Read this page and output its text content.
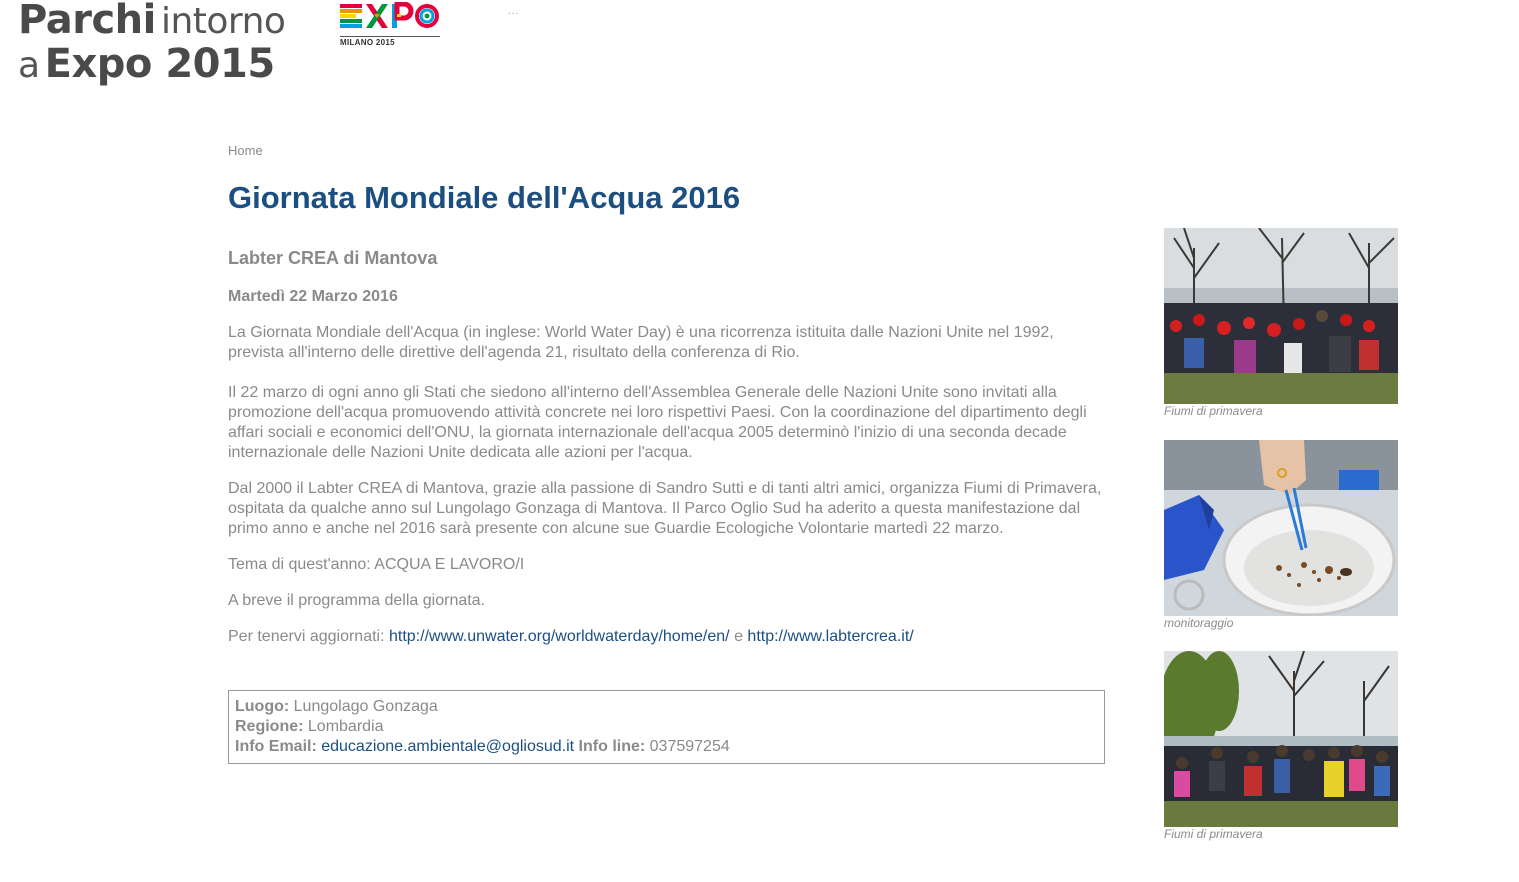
Parchi intorno
a Expo 2015	MILANO 2015
...
Home
Giornata Mondiale dell'Acqua 2016
Labter CREA di Mantova
Martedì 22 Marzo 2016

La Giornata Mondiale dell'Acqua (in inglese: World Water Day) è una ricorrenza istituita dalle Nazioni Unite nel 1992, prevista all'interno delle direttive dell'agenda 21, risultato della conferenza di Rio.

Il 22 marzo di ogni anno gli Stati che siedono all'interno dell'Assemblea Generale delle Nazioni Unite sono invitati alla promozione dell'acqua promuovendo attività concrete nei loro rispettivi Paesi. Con la coordinazione del dipartimento degli affari sociali e economici dell'ONU, la giornata internazionale dell'acqua 2005 determinò l'inizio di una seconda decade internazionale delle Nazioni Unite dedicata alle azioni per l'acqua.

Dal 2000 il Labter CREA di Mantova, grazie alla passione di Sandro Sutti e di tanti altri amici, organizza Fiumi di Primavera, ospitata da qualche anno sul Lungolago Gonzaga di Mantova. Il Parco Oglio Sud ha aderito a questa manifestazione dal primo anno e anche nel 2016 sarà presente con alcune sue Guardie Ecologiche Volontarie martedì 22 marzo.

Tema di quest'anno: ACQUA E LAVORO/I

A breve il programma della giornata.

Per tenervi aggiornati: http://www.unwater.org/worldwaterday/home/en/ e http://www.labtercrea.it/

Luogo: Lungolago Gonzaga
Regione: Lombardia
Info Email: educazione.ambientale@ogliosud.it Info line: 037597254
Fiumi di primavera
monitoraggio
Fiumi di primavera
